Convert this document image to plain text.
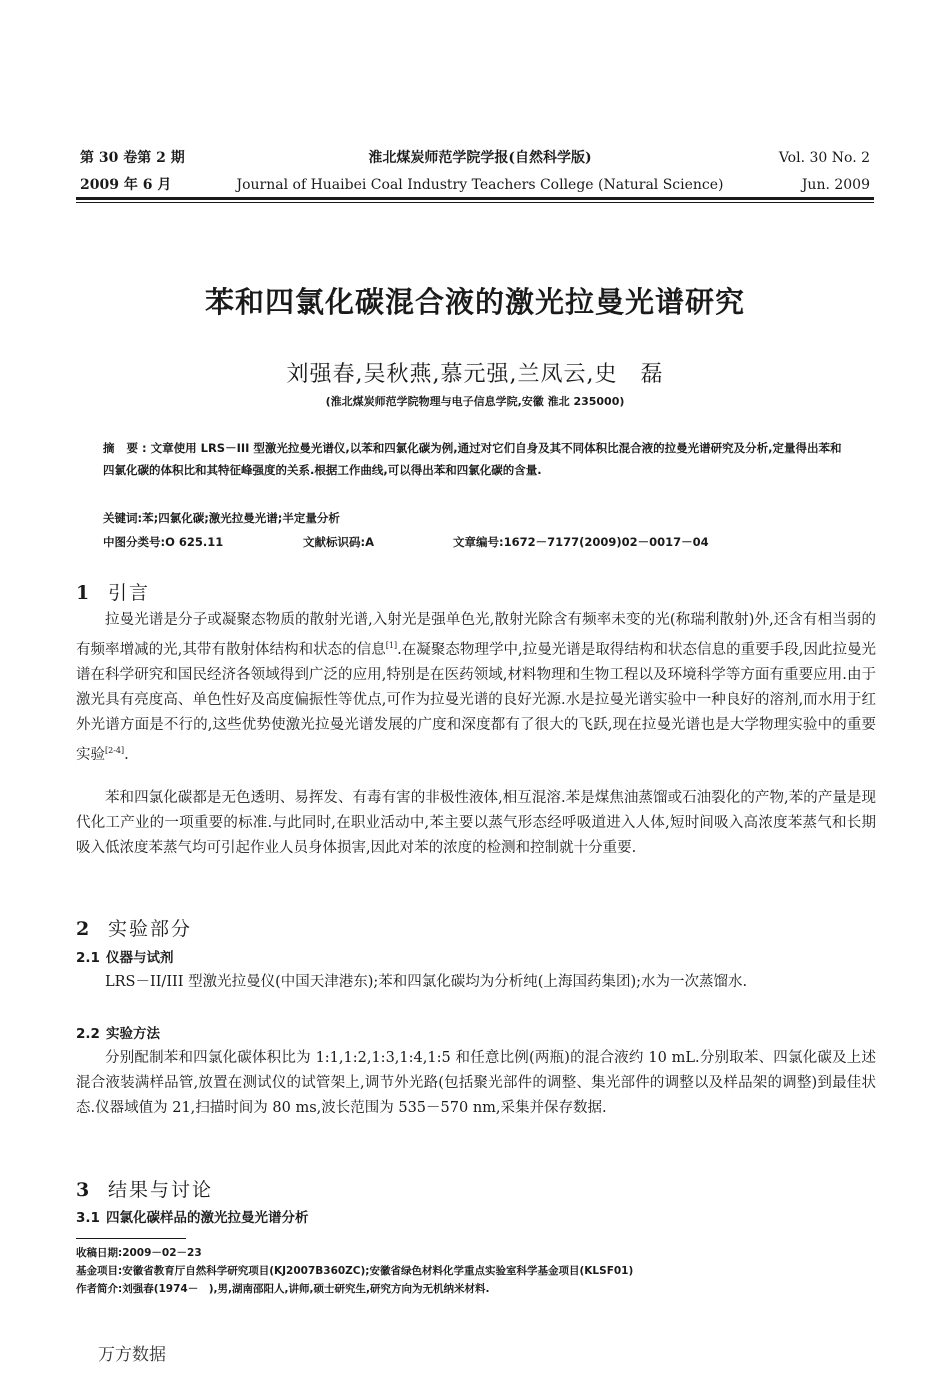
第 30 卷第 2 期
2009 年 6 月
淮北煤炭师范学院学报(自然科学版)
Journal of Huaibei Coal Industry Teachers College (Natural Science)
Vol. 30 No. 2
Jun. 2009
苯和四氯化碳混合液的激光拉曼光谱研究
刘强春,吴秋燕,慕元强,兰凤云,史　磊
(淮北煤炭师范学院物理与电子信息学院,安徽 淮北 235000)
摘 要:文章使用 LRS－III 型激光拉曼光谱仪,以苯和四氯化碳为例,通过对它们自身及其不同体积比混合液的拉曼光谱研究及分析,定量得出苯和四氯化碳的体积比和其特征峰强度的关系.根据工作曲线,可以得出苯和四氯化碳的含量.
关键词:苯;四氯化碳;激光拉曼光谱;半定量分析
中图分类号:O 625.11	文献标识码:A	文章编号:1672－7177(2009)02－0017－04
1 引言
拉曼光谱是分子或凝聚态物质的散射光谱,入射光是强单色光,散射光除含有频率未变的光(称瑞利散射)外,还含有相当弱的有频率增减的光,其带有散射体结构和状态的信息[1].在凝聚态物理学中,拉曼光谱是取得结构和状态信息的重要手段,因此拉曼光谱在科学研究和国民经济各领域得到广泛的应用,特别是在医药领域,材料物理和生物工程以及环境科学等方面有重要应用.由于激光具有亮度高、单色性好及高度偏振性等优点,可作为拉曼光谱的良好光源.水是拉曼光谱实验中一种良好的溶剂,而水用于红外光谱方面是不行的,这些优势使激光拉曼光谱发展的广度和深度都有了很大的飞跃,现在拉曼光谱也是大学物理实验中的重要实验[2-4].
苯和四氯化碳都是无色透明、易挥发、有毒有害的非极性液体,相互混溶.苯是煤焦油蒸馏或石油裂化的产物,苯的产量是现代化工产业的一项重要的标准.与此同时,在职业活动中,苯主要以蒸气形态经呼吸道进入人体,短时间吸入高浓度苯蒸气和长期吸入低浓度苯蒸气均可引起作业人员身体损害,因此对苯的浓度的检测和控制就十分重要.
2 实验部分
2.1 仪器与试剂
LRS－II/III 型激光拉曼仪(中国天津港东);苯和四氯化碳均为分析纯(上海国药集团);水为一次蒸馏水.
2.2 实验方法
分别配制苯和四氯化碳体积比为 1:1,1:2,1:3,1:4,1:5 和任意比例(两瓶)的混合液约 10 mL.分别取苯、四氯化碳及上述混合液装满样品管,放置在测试仪的试管架上,调节外光路(包括聚光部件的调整、集光部件的调整以及样品架的调整)到最佳状态.仪器域值为 21,扫描时间为 80 ms,波长范围为 535－570 nm,采集并保存数据.
3 结果与讨论
3.1 四氯化碳样品的激光拉曼光谱分析
收稿日期:2009－02－23
基金项目:安徽省教育厅自然科学研究项目(KJ2007B360ZC);安徽省绿色材料化学重点实验室科学基金项目(KLSF01)
作者简介:刘强春(1974－　),男,湖南邵阳人,讲师,硕士研究生,研究方向为无机纳米材料.
万方数据
